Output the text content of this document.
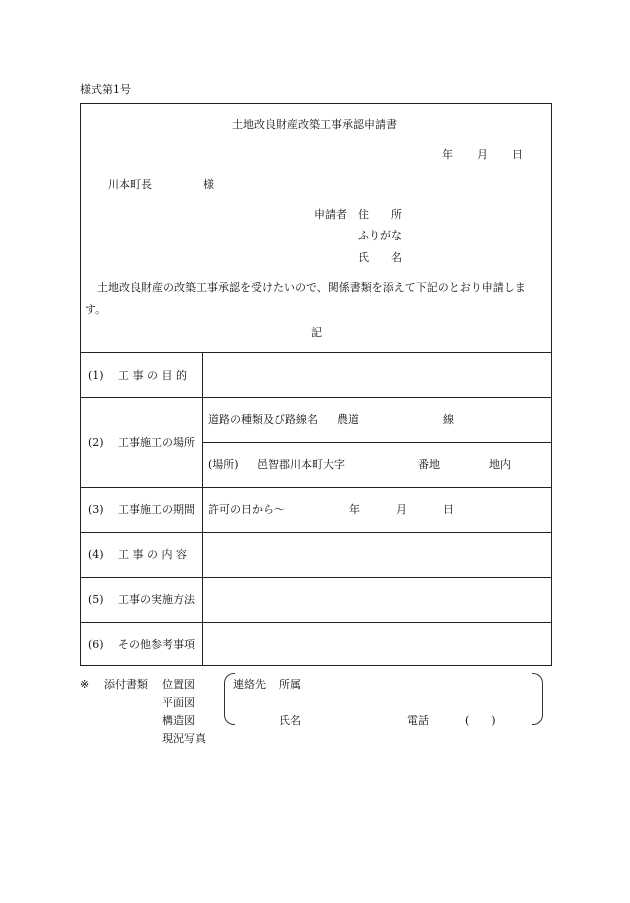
様式第1号
土地改良財産改築工事承認申請書
年 月 日
川本町長	様
申請者 住　　所
ふりがな
氏　　名
土地改良財産の改築工事承認を受けたいので、関係書類を添えて下記のとおり申請しま
す。
記
(1) 工 事 の 目 的
(2) 工事施工の場所
道路の種類及び路線名 農道	線
(場所) 邑智郡川本町大字	番地	地内
(3) 工事施工の期間 許可の日から～	年	月	日
(4) 工 事 の 内 容
(5) 工事の実施方法
(6) その他参考事項
※ 添付書類 位置図
平面図
構造図
現況写真
連絡先 所属
氏名	電話	(　　)
